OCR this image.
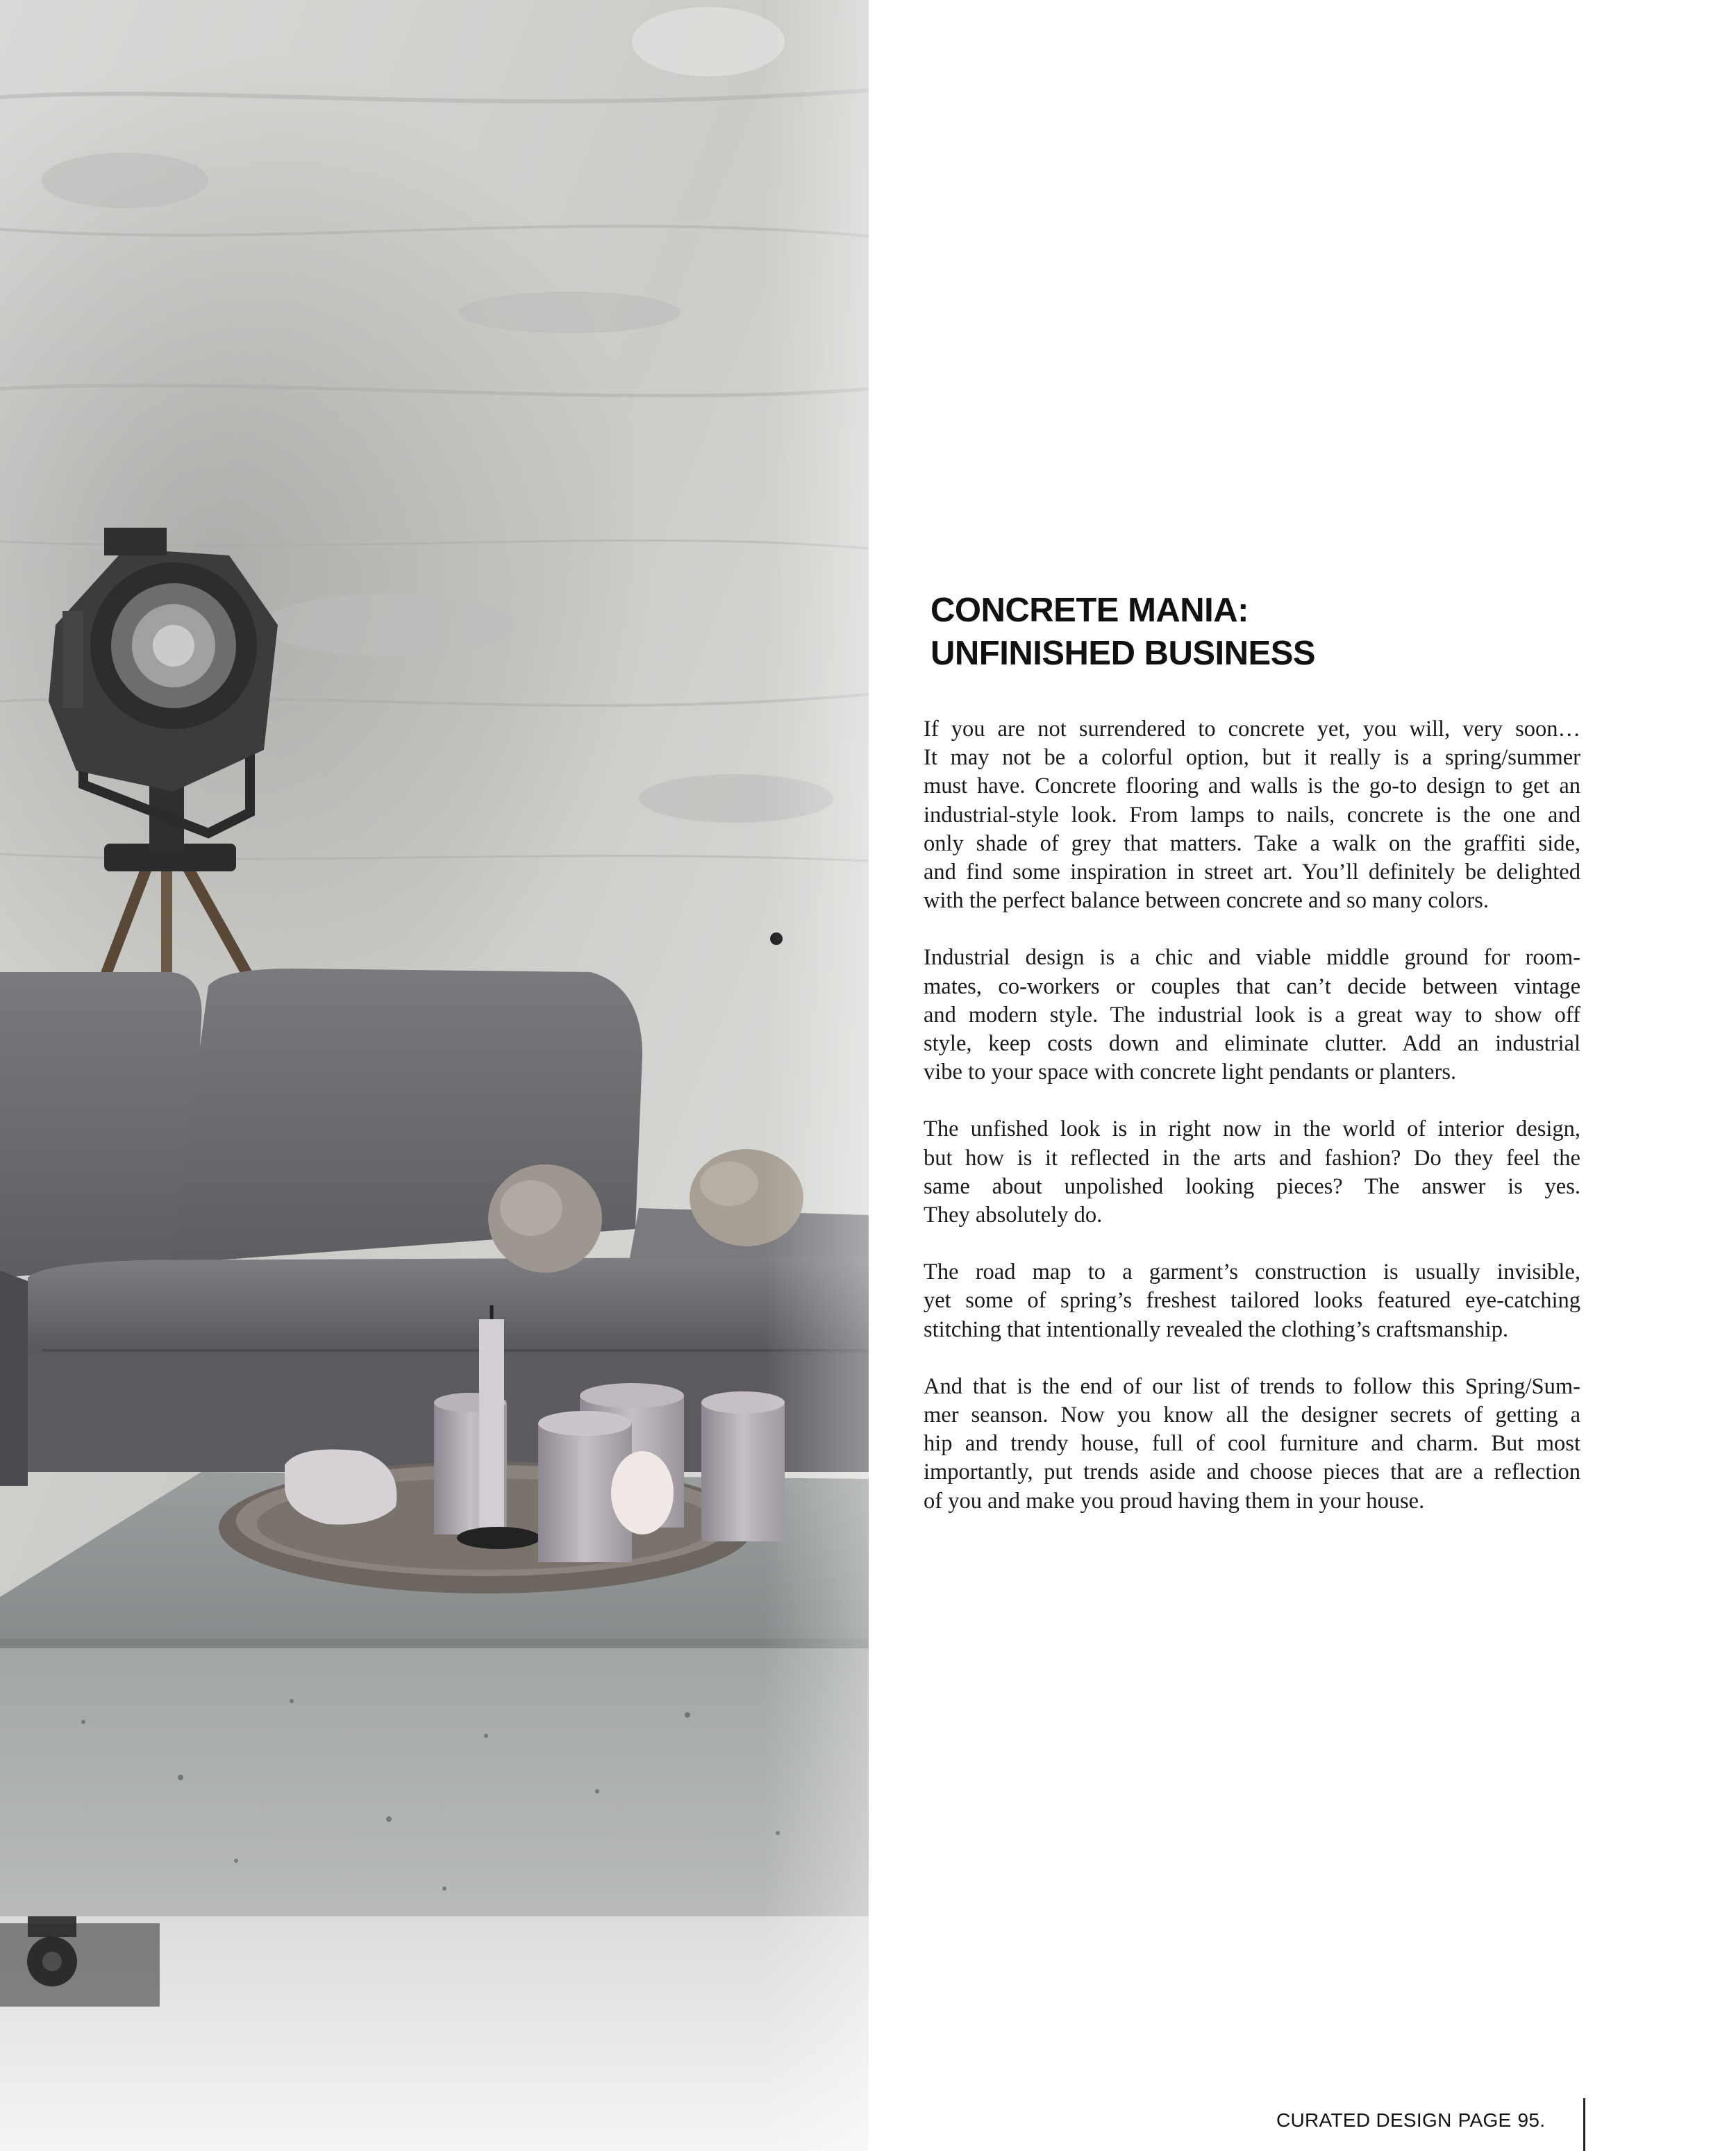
CONCRETE MANIA:
UNFINISHED BUSINESS

If you are not surrendered to concrete yet, you will, very soon…
It may not be a colorful option, but it really is a spring/summer
must have. Concrete flooring and walls is the go-to design to get an
industrial-style look. From lamps to nails, concrete is the one and
only shade of grey that matters. Take a walk on the graffiti side,
and find some inspiration in street art. You’ll definitely be delighted
with the perfect balance between concrete and so many colors.

Industrial design is a chic and viable middle ground for room-
mates, co-workers or couples that can’t decide between vintage
and modern style. The industrial look is a great way to show off
style, keep costs down and eliminate clutter. Add an industrial
vibe to your space with concrete light pendants or planters.

The unfished look is in right now in the world of interior design,
but how is it reflected in the arts and fashion? Do they feel the
same about unpolished looking pieces? The answer is yes.
They absolutely do.

The road map to a garment’s construction is usually invisible,
yet some of spring’s freshest tailored looks featured eye-catching
stitching that intentionally revealed the clothing’s craftsmanship.

And that is the end of our list of trends to follow this Spring/Sum-
mer seanson. Now you know all the designer secrets of getting a
hip and trendy house, full of cool furniture and charm. But most
importantly, put trends aside and choose pieces that are a reflection
of you and make you proud having them in your house.

CURATED DESIGN PAGE 95.
